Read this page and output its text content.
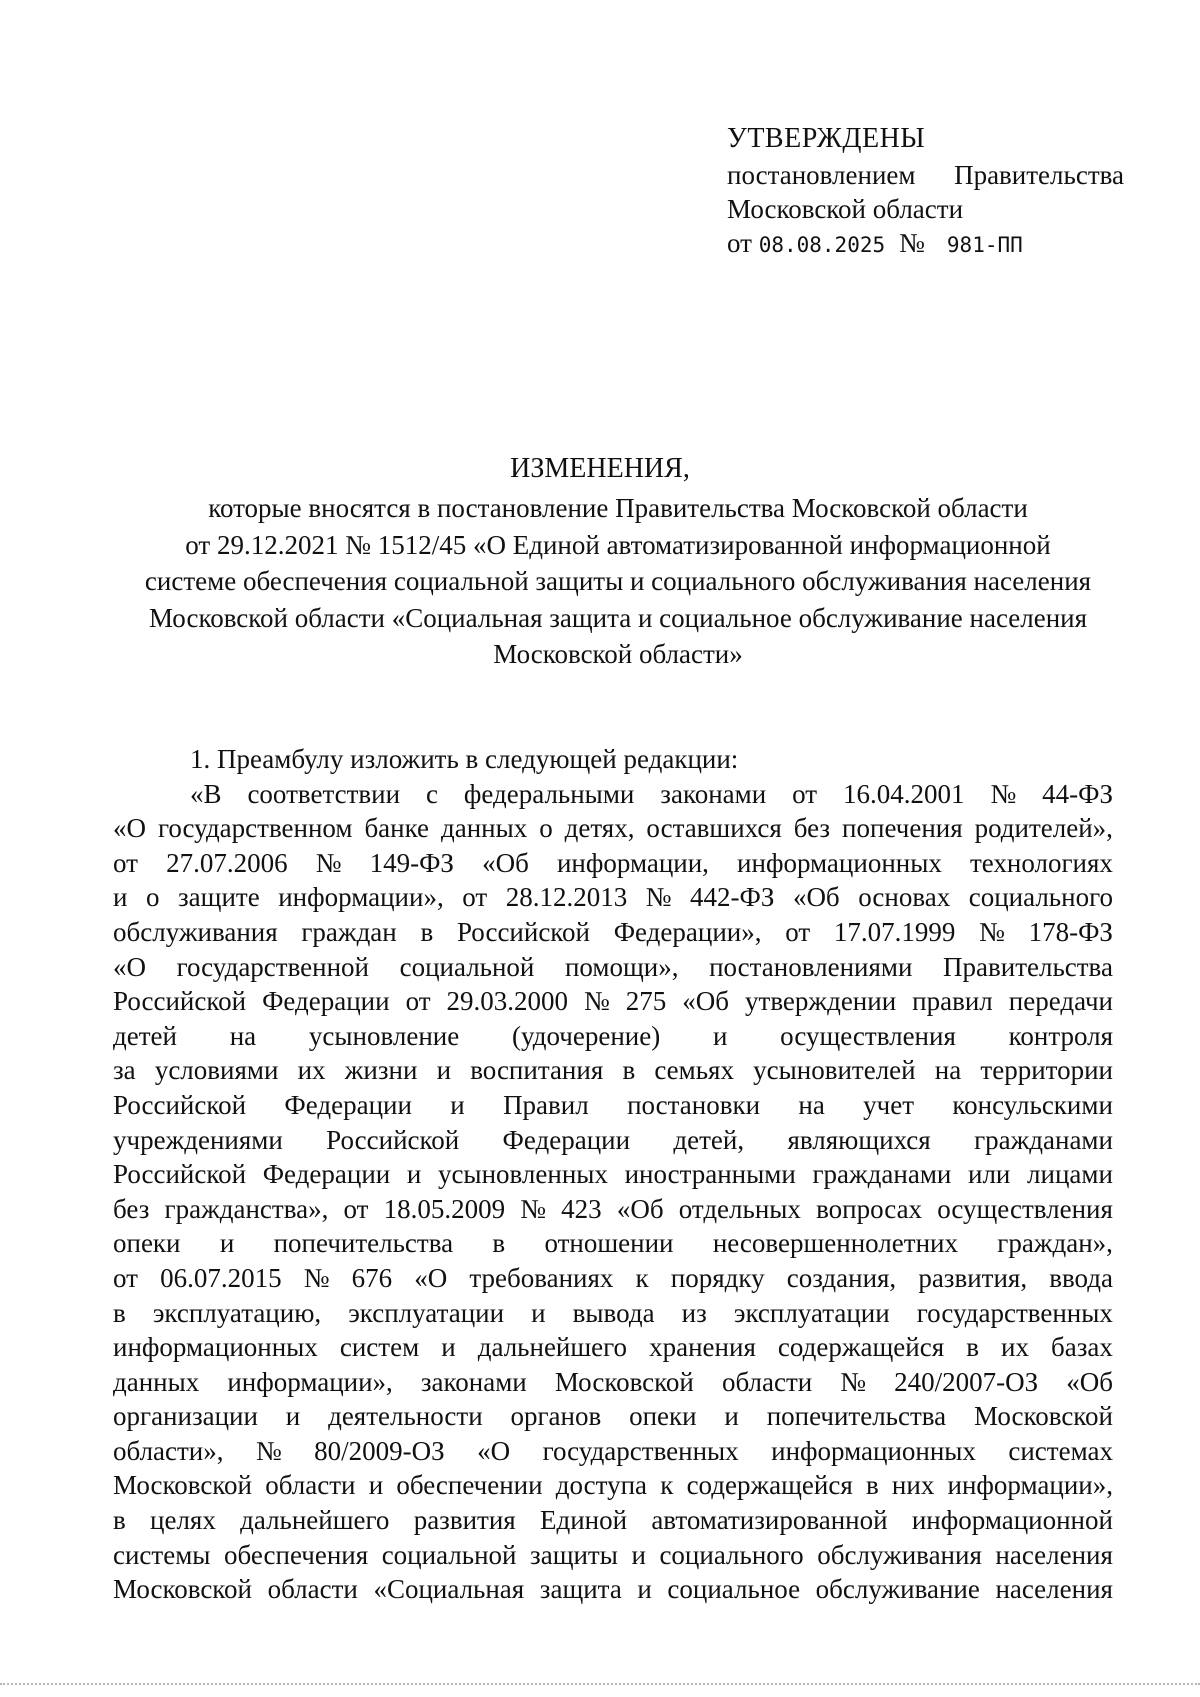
УТВЕРЖДЕНЫ
постановлением Правительства
Московской области
от 08.08.2025 № 981-ПП
ИЗМЕНЕНИЯ,
которые вносятся в постановление Правительства Московской области
от 29.12.2021 № 1512/45 «О Единой автоматизированной информационной
системе обеспечения социальной защиты и социального обслуживания населения
Московской области «Социальная защита и социальное обслуживание населения
Московской области»
1. Преамбулу изложить в следующей редакции:
«В соответствии с федеральными законами от 16.04.2001 № 44-ФЗ
«О государственном банке данных о детях, оставшихся без попечения родителей»,
от 27.07.2006 № 149-ФЗ «Об информации, информационных технологиях
и о защите информации», от 28.12.2013 № 442-ФЗ «Об основах социального
обслуживания граждан в Российской Федерации», от 17.07.1999 № 178-ФЗ
«О государственной социальной помощи», постановлениями Правительства
Российской Федерации от 29.03.2000 № 275 «Об утверждении правил передачи
детей на усыновление (удочерение) и осуществления контроля
за условиями их жизни и воспитания в семьях усыновителей на территории
Российской Федерации и Правил постановки на учет консульскими
учреждениями Российской Федерации детей, являющихся гражданами
Российской Федерации и усыновленных иностранными гражданами или лицами
без гражданства», от 18.05.2009 № 423 «Об отдельных вопросах осуществления
опеки и попечительства в отношении несовершеннолетних граждан»,
от 06.07.2015 № 676 «О требованиях к порядку создания, развития, ввода
в эксплуатацию, эксплуатации и вывода из эксплуатации государственных
информационных систем и дальнейшего хранения содержащейся в их базах
данных информации», законами Московской области № 240/2007-ОЗ «Об
организации и деятельности органов опеки и попечительства Московской
области», № 80/2009-ОЗ «О государственных информационных системах
Московской области и обеспечении доступа к содержащейся в них информации»,
в целях дальнейшего развития Единой автоматизированной информационной
системы обеспечения социальной защиты и социального обслуживания населения
Московской области «Социальная защита и социальное обслуживание населения
